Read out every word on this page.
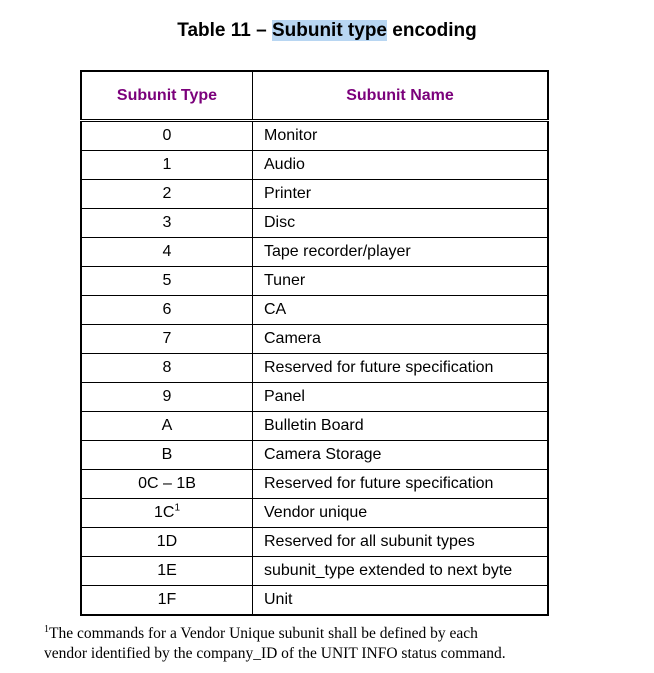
Table 11 – Subunit type encoding
Subunit Type	Subunit Name
0	Monitor
1	Audio
2	Printer
3	Disc
4	Tape recorder/player
5	Tuner
6	CA
7	Camera
8	Reserved for future specification
9	Panel
A	Bulletin Board
B	Camera Storage
0C – 1B	Reserved for future specification
1C$^1$	Vendor unique
1D	Reserved for all subunit types
1E	subunit_type extended to next byte
1F	Unit
$^1$The commands for a Vendor Unique subunit shall be defined by each
vendor identified by the company_ID of the UNIT INFO status command.
